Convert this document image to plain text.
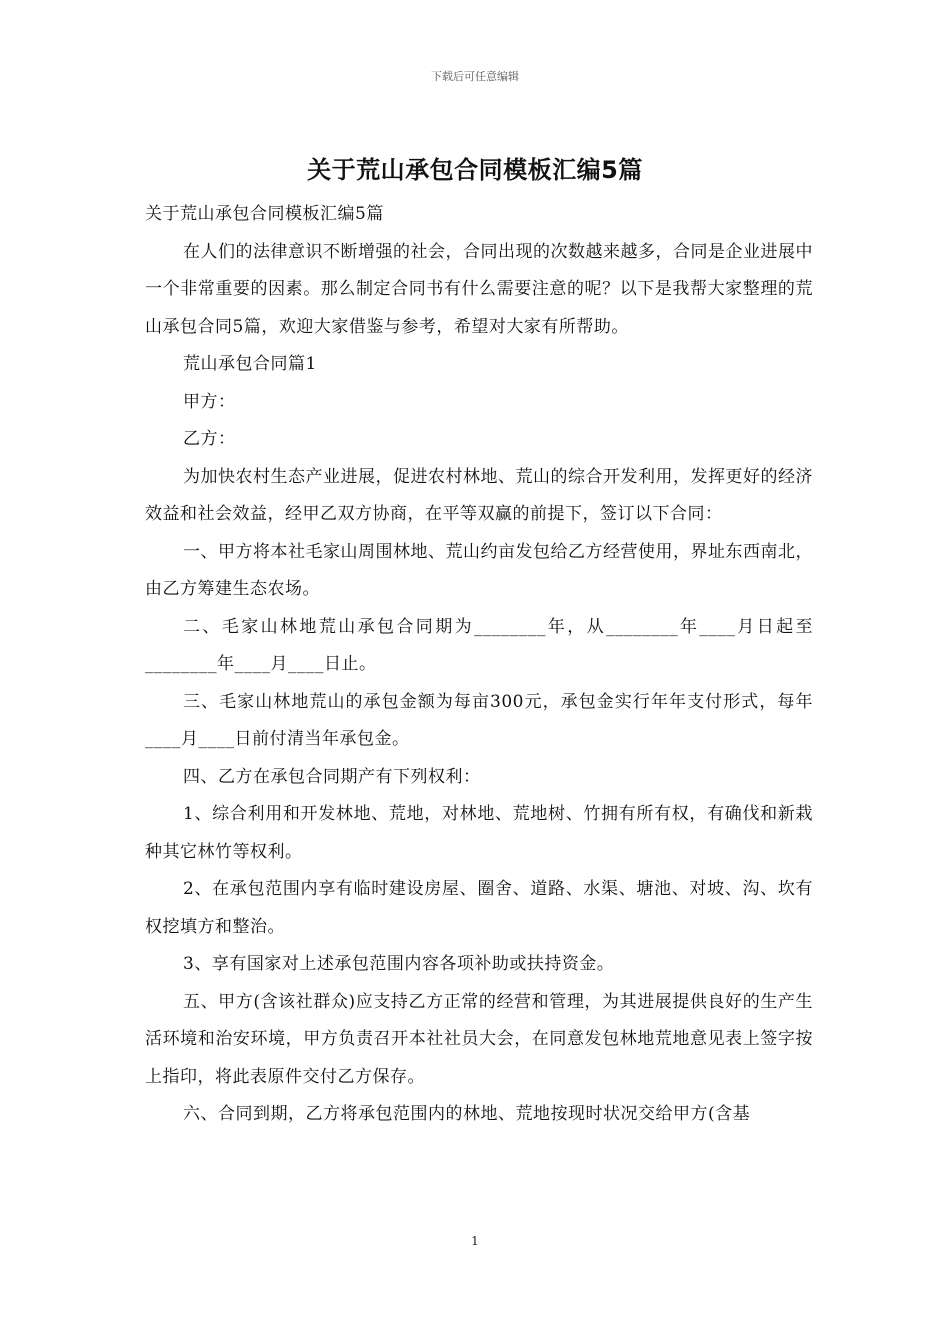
下载后可任意编辑
关于荒山承包合同模板汇编5篇

关于荒山承包合同模板汇编5篇

在人们的法律意识不断增强的社会，合同出现的次数越来越多，合同是企业进展中一个非常重要的因素。那么制定合同书有什么需要注意的呢？以下是我帮大家整理的荒山承包合同5篇，欢迎大家借鉴与参考，希望对大家有所帮助。

荒山承包合同篇1

甲方：

乙方：

为加快农村生态产业进展，促进农村林地、荒山的综合开发利用，发挥更好的经济效益和社会效益，经甲乙双方协商，在平等双赢的前提下，签订以下合同：

一、甲方将本社毛家山周围林地、荒山约亩发包给乙方经营使用，界址东西南北，由乙方筹建生态农场。

二、毛家山林地荒山承包合同期为________年，从________年____月日起至________年____月____日止。

三、毛家山林地荒山的承包金额为每亩300元，承包金实行年年支付形式，每年____月____日前付清当年承包金。

四、乙方在承包合同期产有下列权利：

1、综合利用和开发林地、荒地，对林地、荒地树、竹拥有所有权，有确伐和新栽种其它林竹等权利。

2、在承包范围内享有临时建设房屋、圈舍、道路、水渠、塘池、对坡、沟、坎有权挖填方和整治。

3、享有国家对上述承包范围内容各项补助或扶持资金。

五、甲方(含该社群众)应支持乙方正常的经营和管理，为其进展提供良好的生产生活环境和治安环境，甲方负责召开本社社员大会，在同意发包林地荒地意见表上签字按上指印，将此表原件交付乙方保存。

六、合同到期，乙方将承包范围内的林地、荒地按现时状况交给甲方(含基

1
